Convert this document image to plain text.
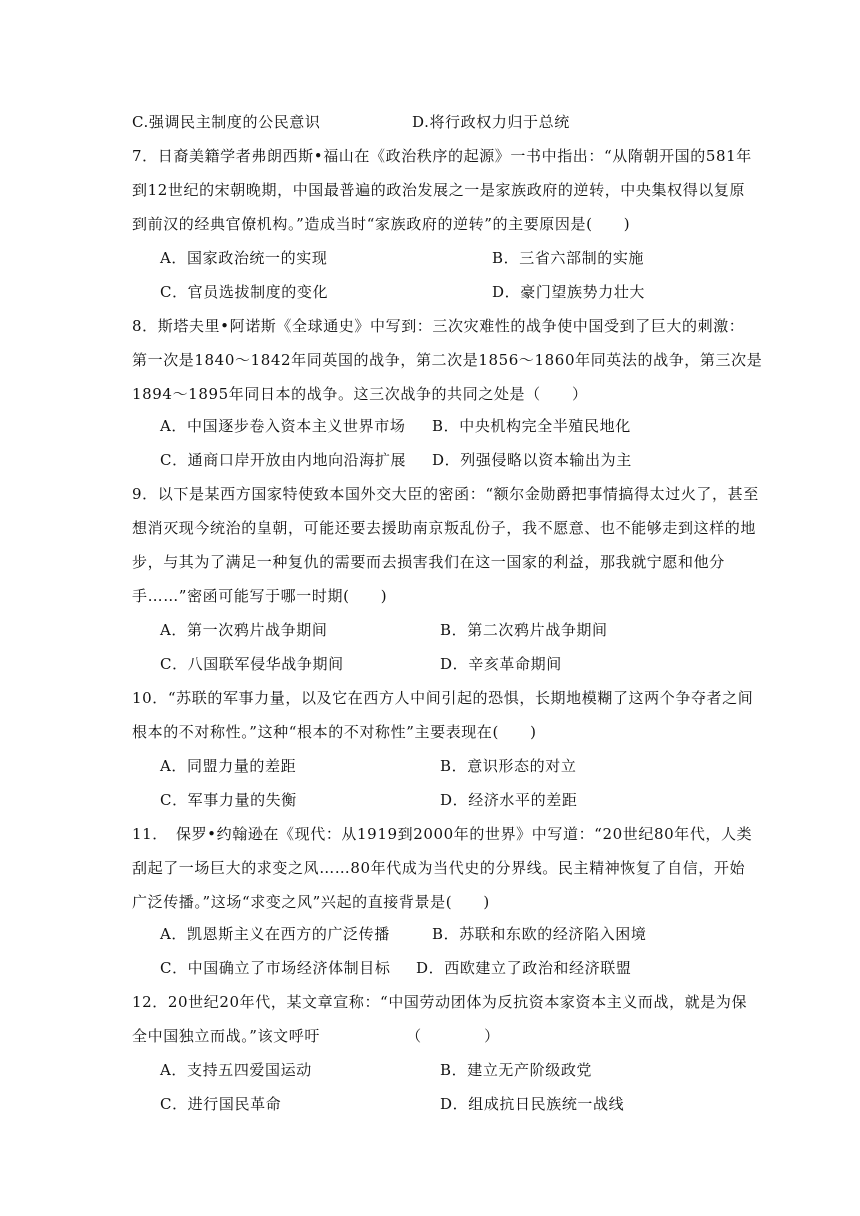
C.强调民主制度的公民意识	D.将行政权力归于总统
7．日裔美籍学者弗朗西斯•福山在《政治秩序的起源》一书中指出：“从隋朝开国的581年
到12世纪的宋朝晚期，中国最普遍的政治发展之一是家族政府的逆转，中央集权得以复原
到前汉的经典官僚机构。”造成当时“家族政府的逆转”的主要原因是(　　)
A．国家政治统一的实现	B．三省六部制的实施
C．官员选拔制度的变化	D．豪门望族势力壮大
8．斯塔夫里•阿诺斯《全球通史》中写到：三次灾难性的战争使中国受到了巨大的刺激：
第一次是1840～1842年同英国的战争，第二次是1856～1860年同英法的战争，第三次是
1894～1895年同日本的战争。这三次战争的共同之处是（　　）
A．中国逐步卷入资本主义世界市场 B．中央机构完全半殖民地化
C．通商口岸开放由内地向沿海扩展 D．列强侵略以资本输出为主
9．以下是某西方国家特使致本国外交大臣的密函：“额尔金勋爵把事情搞得太过火了，甚至
想消灭现今统治的皇朝，可能还要去援助南京叛乱份子，我不愿意、也不能够走到这样的地
步，与其为了满足一种复仇的需要而去损害我们在这一国家的利益，那我就宁愿和他分
手……”密函可能写于哪一时期(　　)
A．第一次鸦片战争期间	B．第二次鸦片战争期间
C．八国联军侵华战争期间	D．辛亥革命期间
10．“苏联的军事力量，以及它在西方人中间引起的恐惧，长期地模糊了这两个争夺者之间
根本的不对称性。”这种“根本的不对称性”主要表现在(　　)
A．同盟力量的差距	B．意识形态的对立
C．军事力量的失衡	D．经济水平的差距
11．　保罗•约翰逊在《现代：从1919到2000年的世界》中写道：“20世纪80年代，人类
刮起了一场巨大的求变之风……80年代成为当代史的分界线。民主精神恢复了自信，开始
广泛传播。”这场“求变之风”兴起的直接背景是(　　)
A．凯恩斯主义在西方的广泛传播	B．苏联和东欧的经济陷入困境
C．中国确立了市场经济体制目标 D．西欧建立了政治和经济联盟
12．20世纪20年代，某文章宣称：“中国劳动团体为反抗资本家资本主义而战，就是为保
全中国独立而战。”该文呼吁　　　　　　（　　　　）
A．支持五四爱国运动	B．建立无产阶级政党
C．进行国民革命	D．组成抗日民族统一战线
